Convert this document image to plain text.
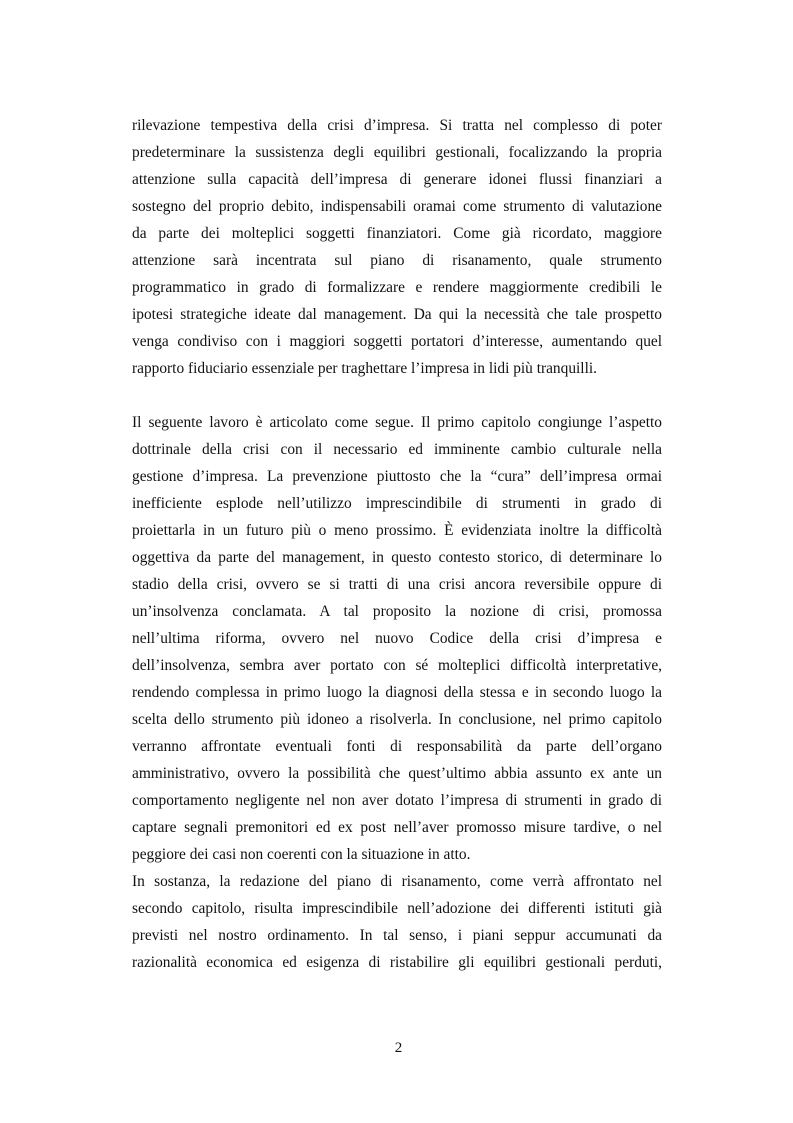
rilevazione tempestiva della crisi d’impresa. Si tratta nel complesso di poter
predeterminare la sussistenza degli equilibri gestionali, focalizzando la propria
attenzione sulla capacità dell’impresa di generare idonei flussi finanziari a
sostegno del proprio debito, indispensabili oramai come strumento di valutazione
da parte dei molteplici soggetti finanziatori. Come già ricordato, maggiore
attenzione sarà incentrata sul piano di risanamento, quale strumento
programmatico in grado di formalizzare e rendere maggiormente credibili le
ipotesi strategiche ideate dal management. Da qui la necessità che tale prospetto
venga condiviso con i maggiori soggetti portatori d’interesse, aumentando quel
rapporto fiduciario essenziale per traghettare l’impresa in lidi più tranquilli.

Il seguente lavoro è articolato come segue. Il primo capitolo congiunge l’aspetto
dottrinale della crisi con il necessario ed imminente cambio culturale nella
gestione d’impresa. La prevenzione piuttosto che la “cura” dell’impresa ormai
inefficiente esplode nell’utilizzo imprescindibile di strumenti in grado di
proiettarla in un futuro più o meno prossimo. È evidenziata inoltre la difficoltà
oggettiva da parte del management, in questo contesto storico, di determinare lo
stadio della crisi, ovvero se si tratti di una crisi ancora reversibile oppure di
un’insolvenza conclamata. A tal proposito la nozione di crisi, promossa
nell’ultima riforma, ovvero nel nuovo Codice della crisi d’impresa e
dell’insolvenza, sembra aver portato con sé molteplici difficoltà interpretative,
rendendo complessa in primo luogo la diagnosi della stessa e in secondo luogo la
scelta dello strumento più idoneo a risolverla. In conclusione, nel primo capitolo
verranno affrontate eventuali fonti di responsabilità da parte dell’organo
amministrativo, ovvero la possibilità che quest’ultimo abbia assunto ex ante un
comportamento negligente nel non aver dotato l’impresa di strumenti in grado di
captare segnali premonitori ed ex post nell’aver promosso misure tardive, o nel
peggiore dei casi non coerenti con la situazione in atto.

In sostanza, la redazione del piano di risanamento, come verrà affrontato nel
secondo capitolo, risulta imprescindibile nell’adozione dei differenti istituti già
previsti nel nostro ordinamento. In tal senso, i piani seppur accumunati da
razionalità economica ed esigenza di ristabilire gli equilibri gestionali perduti,

2
